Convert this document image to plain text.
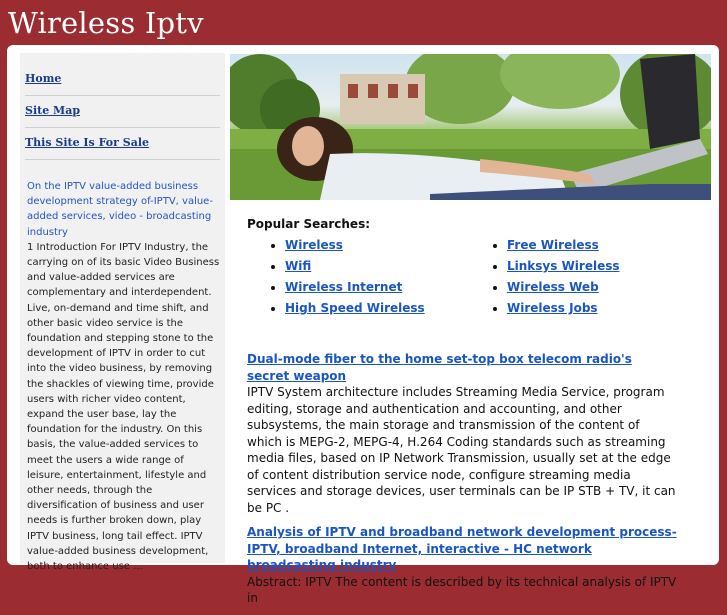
Wireless Iptv
Home
Site Map
This Site Is For Sale
On the IPTV value-added business development strategy of-IPTV, value-added services, video - broadcasting industry

1 Introduction For IPTV Industry, the carrying on of its basic Video Business and value-added services are complementary and interdependent. Live, on-demand and time shift, and other basic video service is the foundation and stepping stone to the development of IPTV in order to cut into the video business, by removing the shackles of viewing time, provide users with richer video content, expand the user base, lay the foundation for the industry. On this basis, the value-added services to meet the users a wide range of leisure, entertainment, lifestyle and other needs, through the diversification of business and user needs is further broken down, play IPTV business, long tail effect. IPTV value-added business development, both to enhance use ...

Popular Searches:
• Wireless
• Wifi
• Wireless Internet
• High Speed Wireless
• Free Wireless
• Linksys Wireless
• Wireless Web
• Wireless Jobs
Dual-mode fiber to the home set-top box telecom radio's secret weapon

IPTV System architecture includes Streaming Media Service, program editing, storage and authentication and accounting, and other subsystems, the main storage and transmission of the content of which is MEPG-2, MEPG-4, H.264 Coding standards such as streaming media files, based on IP Network Transmission, usually set at the edge of content distribution service node, configure streaming media services and storage devices, user terminals can be IP STB + TV, it can be PC .

Analysis of IPTV and broadband network development process-IPTV, broadband Internet, interactive - HC network broadcasting industry

Abstract: IPTV The content is described by its technical analysis of IPTV in
